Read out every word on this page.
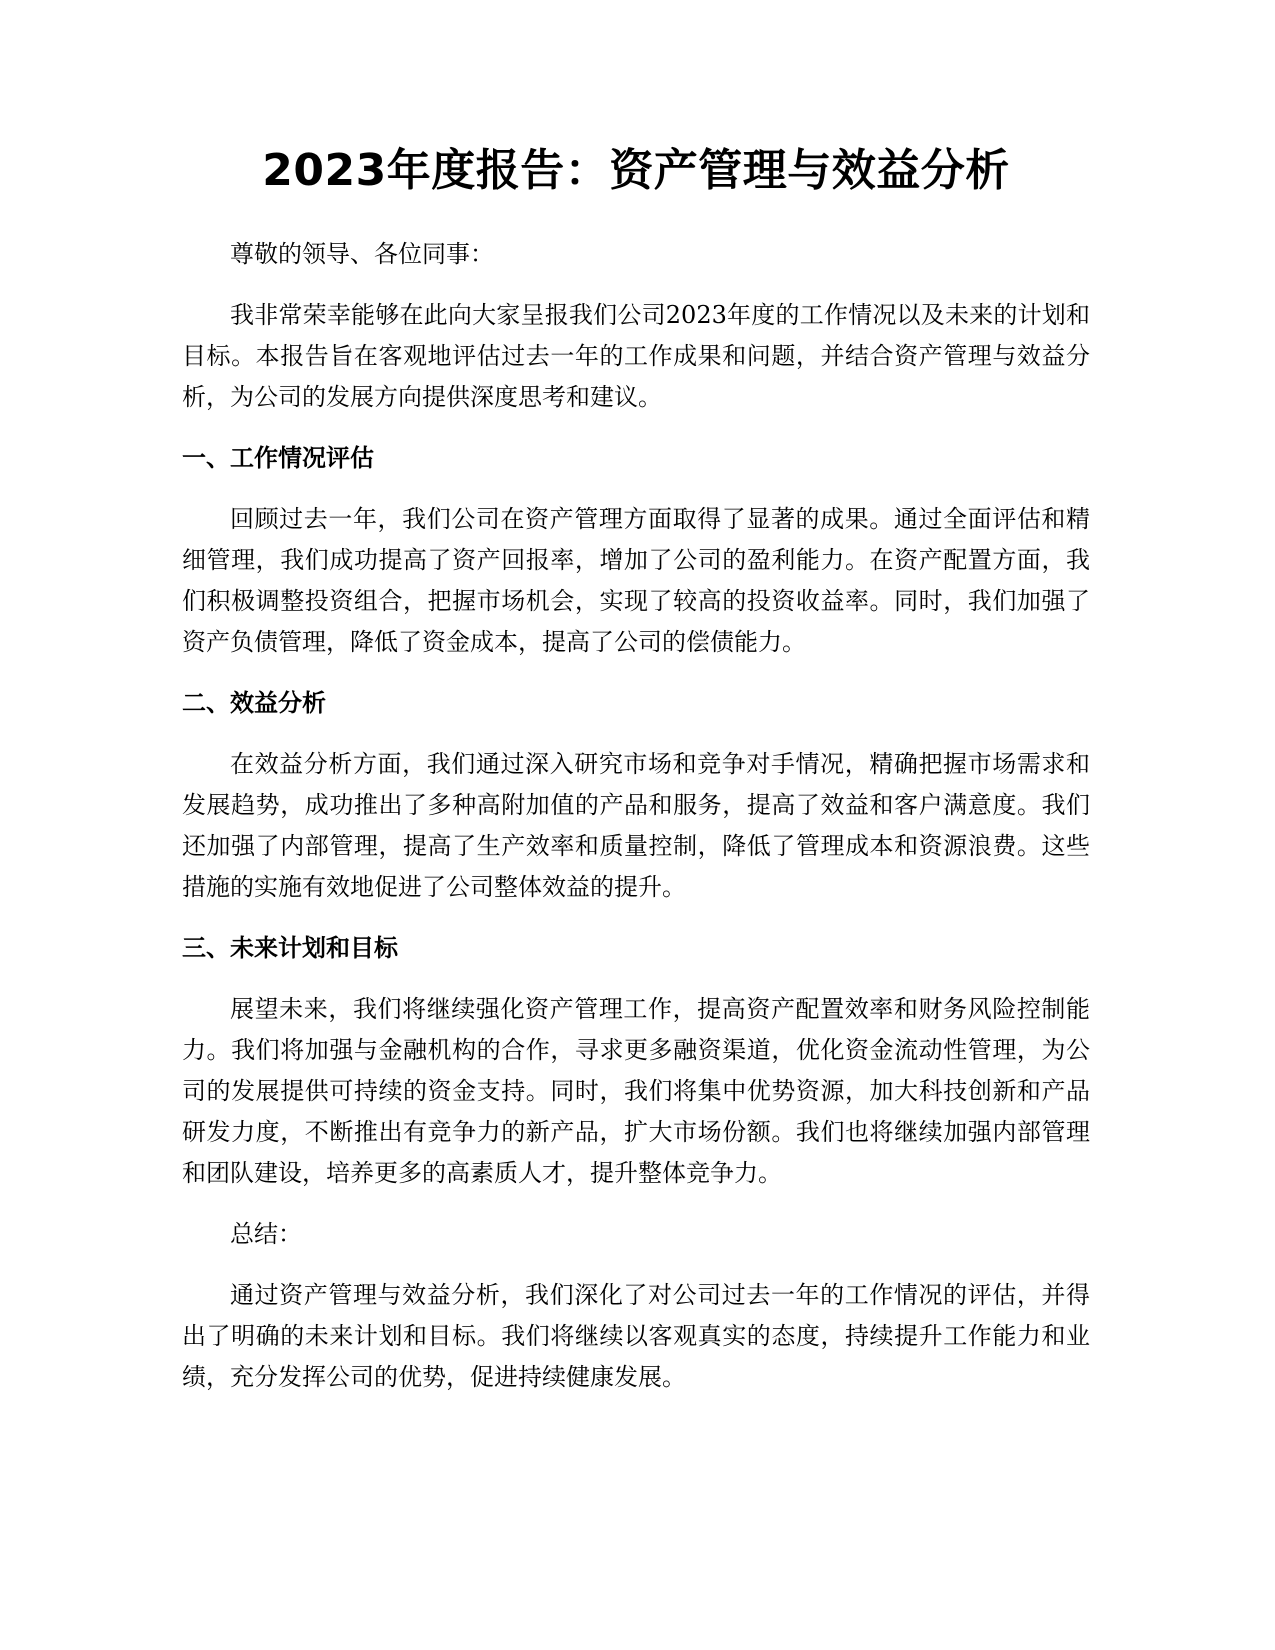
2023年度报告：资产管理与效益分析

尊敬的领导、各位同事：

我非常荣幸能够在此向大家呈报我们公司2023年度的工作情况以及未来的计划和目标。本报告旨在客观地评估过去一年的工作成果和问题，并结合资产管理与效益分析，为公司的发展方向提供深度思考和建议。

一、工作情况评估

回顾过去一年，我们公司在资产管理方面取得了显著的成果。通过全面评估和精细管理，我们成功提高了资产回报率，增加了公司的盈利能力。在资产配置方面，我们积极调整投资组合，把握市场机会，实现了较高的投资收益率。同时，我们加强了资产负债管理，降低了资金成本，提高了公司的偿债能力。

二、效益分析

在效益分析方面，我们通过深入研究市场和竞争对手情况，精确把握市场需求和发展趋势，成功推出了多种高附加值的产品和服务，提高了效益和客户满意度。我们还加强了内部管理，提高了生产效率和质量控制，降低了管理成本和资源浪费。这些措施的实施有效地促进了公司整体效益的提升。

三、未来计划和目标

展望未来，我们将继续强化资产管理工作，提高资产配置效率和财务风险控制能力。我们将加强与金融机构的合作，寻求更多融资渠道，优化资金流动性管理，为公司的发展提供可持续的资金支持。同时，我们将集中优势资源，加大科技创新和产品研发力度，不断推出有竞争力的新产品，扩大市场份额。我们也将继续加强内部管理和团队建设，培养更多的高素质人才，提升整体竞争力。

总结：

通过资产管理与效益分析，我们深化了对公司过去一年的工作情况的评估，并得出了明确的未来计划和目标。我们将继续以客观真实的态度，持续提升工作能力和业绩，充分发挥公司的优势，促进持续健康发展。
